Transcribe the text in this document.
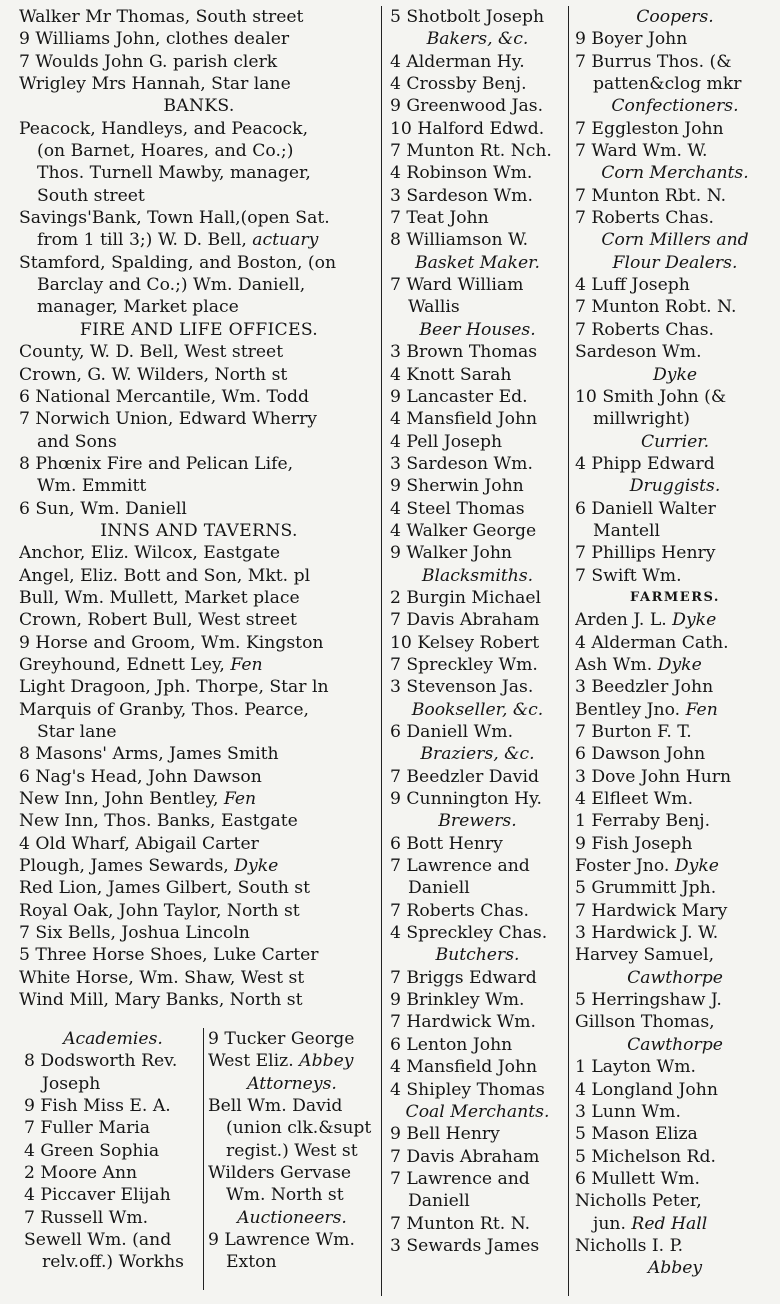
Walker Mr Thomas, South street
9 Williams John, clothes dealer
7 Woulds John G. parish clerk
Wrigley Mrs Hannah, Star lane
BANKS.
Peacock, Handleys, and Peacock,
(on Barnet, Hoares, and Co.;)
Thos. Turnell Mawby, manager,
South street
Savings'Bank, Town Hall,(open Sat.
from 1 till 3;) W. D. Bell, actuary
Stamford, Spalding, and Boston, (on
Barclay and Co.;) Wm. Daniell,
manager, Market place
FIRE AND LIFE OFFICES.
County, W. D. Bell, West street
Crown, G. W. Wilders, North st
6 National Mercantile, Wm. Todd
7 Norwich Union, Edward Wherry
and Sons
8 Phœnix Fire and Pelican Life,
Wm. Emmitt
6 Sun, Wm. Daniell
INNS AND TAVERNS.
Anchor, Eliz. Wilcox, Eastgate
Angel, Eliz. Bott and Son, Mkt. pl
Bull, Wm. Mullett, Market place
Crown, Robert Bull, West street
9 Horse and Groom, Wm. Kingston
Greyhound, Ednett Ley, Fen
Light Dragoon, Jph. Thorpe, Star ln
Marquis of Granby, Thos. Pearce,
Star lane
8 Masons' Arms, James Smith
6 Nag's Head, John Dawson
New Inn, John Bentley, Fen
New Inn, Thos. Banks, Eastgate
4 Old Wharf, Abigail Carter
Plough, James Sewards, Dyke
Red Lion, James Gilbert, South st
Royal Oak, John Taylor, North st
7 Six Bells, Joshua Lincoln
5 Three Horse Shoes, Luke Carter
White Horse, Wm. Shaw, West st
Wind Mill, Mary Banks, North st
Academies.
8 Dodsworth Rev.
Joseph
9 Fish Miss E. A.
7 Fuller Maria
4 Green Sophia
2 Moore Ann
4 Piccaver Elijah
7 Russell Wm.
Sewell Wm. (and
relv.off.) Workhs
9 Tucker George
West Eliz. Abbey
Attorneys.
Bell Wm. David
(union clk.&supt
regist.) West st
Wilders Gervase
Wm. North st
Auctioneers.
9 Lawrence Wm.
Exton
5 Shotbolt Joseph
Bakers, &c.
4 Alderman Hy.
4 Crossby Benj.
9 Greenwood Jas.
10 Halford Edwd.
7 Munton Rt. Nch.
4 Robinson Wm.
3 Sardeson Wm.
7 Teat John
8 Williamson W.
Basket Maker.
7 Ward William
Wallis
Beer Houses.
3 Brown Thomas
4 Knott Sarah
9 Lancaster Ed.
4 Mansfield John
4 Pell Joseph
3 Sardeson Wm.
9 Sherwin John
4 Steel Thomas
4 Walker George
9 Walker John
Blacksmiths.
2 Burgin Michael
7 Davis Abraham
10 Kelsey Robert
7 Spreckley Wm.
3 Stevenson Jas.
Bookseller, &c.
6 Daniell Wm.
Braziers, &c.
7 Beedzler David
9 Cunnington Hy.
Brewers.
6 Bott Henry
7 Lawrence and
Daniell
7 Roberts Chas.
4 Spreckley Chas.
Butchers.
7 Briggs Edward
9 Brinkley Wm.
7 Hardwick Wm.
6 Lenton John
4 Mansfield John
4 Shipley Thomas
Coal Merchants.
9 Bell Henry
7 Davis Abraham
7 Lawrence and
Daniell
7 Munton Rt. N.
3 Sewards James
Coopers.
9 Boyer John
7 Burrus Thos. (&
patten&clog mkr
Confectioners.
7 Eggleston John
7 Ward Wm. W.
Corn Merchants.
7 Munton Rbt. N.
7 Roberts Chas.
Corn Millers and
Flour Dealers.
4 Luff Joseph
7 Munton Robt. N.
7 Roberts Chas.
Sardeson Wm.
Dyke
10 Smith John (&
millwright)
Currier.
4 Phipp Edward
Druggists.
6 Daniell Walter
Mantell
7 Phillips Henry
7 Swift Wm.
FARMERS.
Arden J. L. Dyke
4 Alderman Cath.
Ash Wm. Dyke
3 Beedzler John
Bentley Jno. Fen
7 Burton F. T.
6 Dawson John
3 Dove John Hurn
4 Elfleet Wm.
1 Ferraby Benj.
9 Fish Joseph
Foster Jno. Dyke
5 Grummitt Jph.
7 Hardwick Mary
3 Hardwick J. W.
Harvey Samuel,
Cawthorpe
5 Herringshaw J.
Gillson Thomas,
Cawthorpe
1 Layton Wm.
4 Longland John
3 Lunn Wm.
5 Mason Eliza
5 Michelson Rd.
6 Mullett Wm.
Nicholls Peter,
jun. Red Hall
Nicholls I. P.
Abbey
